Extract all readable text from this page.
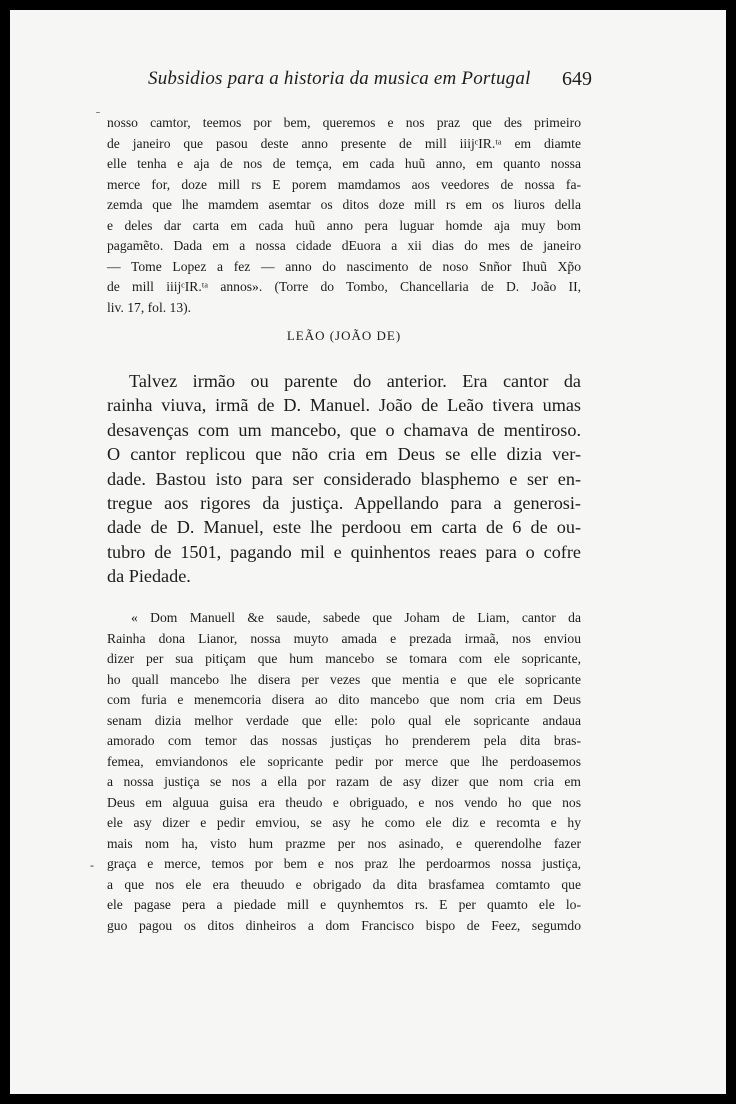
Subsidios para a historia da musica em Portugal 649
ˉ nosso camtor, teemos por bem, queremos e nos praz que des primeiro
de janeiro que pasou deste anno presente de mill iiijᶜIR.ᵗᵃ em diamte
elle tenha e aja de nos de temça, em cada huũ anno, em quanto nossa
merce for, doze mill rs E porem mamdamos aos veedores de nossa fa-
zemda que lhe mamdem asemtar os ditos doze mill rs em os liuros della
e deles dar carta em cada huũ anno pera luguar homde aja muy bom
pagamẽto. Dada em a nossa cidade dEuora a xii dias do mes de janeiro
— Tome Lopez a fez — anno do nascimento de noso Snñor Ihuũ Xp̃o
de mill iiijᶜIR.ᵗᵃ annos». (Torre do Tombo, Chancellaria de D. João II,
liv. 17, fol. 13).
LEÃO (JOÃO DE)
Talvez irmão ou parente do anterior. Era cantor da
rainha viuva, irmã de D. Manuel. João de Leão tivera umas
desavenças com um mancebo, que o chamava de mentiroso.
O cantor replicou que não cria em Deus se elle dizia ver-
dade. Bastou isto para ser considerado blasphemo e ser en-
tregue aos rigores da justiça. Appellando para a generosi-
dade de D. Manuel, este lhe perdoou em carta de 6 de ou-
tubro de 1501, pagando mil e quinhentos reaes para o cofre
da Piedade.
« Dom Manuell &e saude, sabede que Joham de Liam, cantor da
Rainha dona Lianor, nossa muyto amada e prezada irmaã, nos enviou
dizer per sua pitiçam que hum mancebo se tomara com ele sopricante,
ho quall mancebo lhe disera per vezes que mentia e que ele sopricante
com furia e menemcoria disera ao dito mancebo que nom cria em Deus
senam dizia melhor verdade que elle: polo qual ele sopricante andaua
amorado com temor das nossas justiças ho prenderem pela dita bras-
femea, emviandonos ele sopricante pedir por merce que lhe perdoasemos
a nossa justiça se nos a ella por razam de asy dizer que nom cria em
Deus em alguua guisa era theudo e obriguado, e nos vendo ho que nos
ele asy dizer e pedir emviou, se asy he como ele diz e recomta e hy
mais nom ha, visto hum prazme per nos asinado, e querendolhe fazer
graça e merce, temos por bem e nos praz lhe perdoarmos nossa justiça,
a que nos ele era theuudo e obrigado da dita brasfamea comtamto que
ele pagase pera a piedade mill e quynhemtos rs. E per quamto ele lo-
guo pagou os ditos dinheiros a dom Francisco bispo de Feez, segumdo
-
